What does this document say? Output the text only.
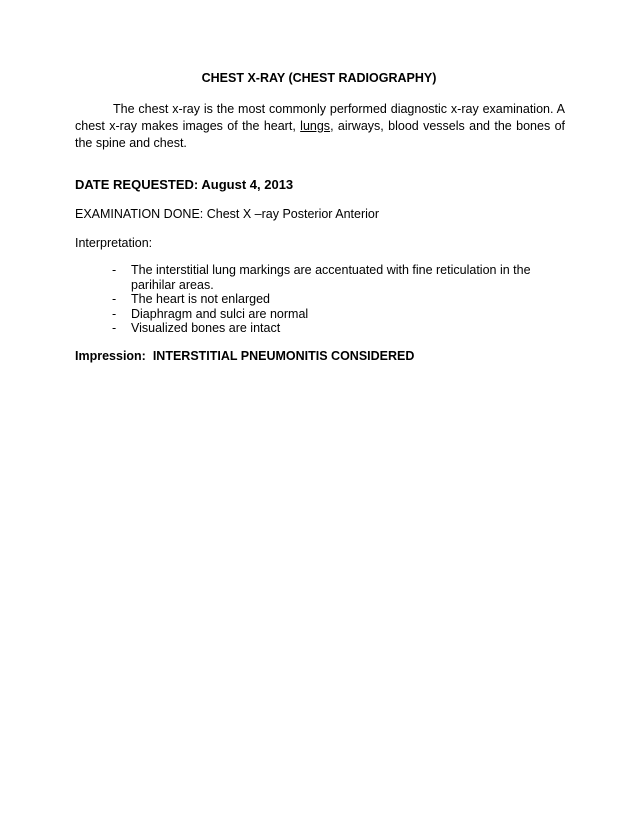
CHEST X-RAY (CHEST RADIOGRAPHY)
The chest x-ray is the most commonly performed diagnostic x-ray examination. A chest x-ray makes images of the heart, lungs, airways, blood vessels and the bones of the spine and chest.
DATE REQUESTED: August 4, 2013
EXAMINATION DONE: Chest X –ray Posterior Anterior
Interpretation:
- The interstitial lung markings are accentuated with fine reticulation in the parihilar areas.
- The heart is not enlarged
- Diaphragm and sulci are normal
- Visualized bones are intact
Impression: INTERSTITIAL PNEUMONITIS CONSIDERED
